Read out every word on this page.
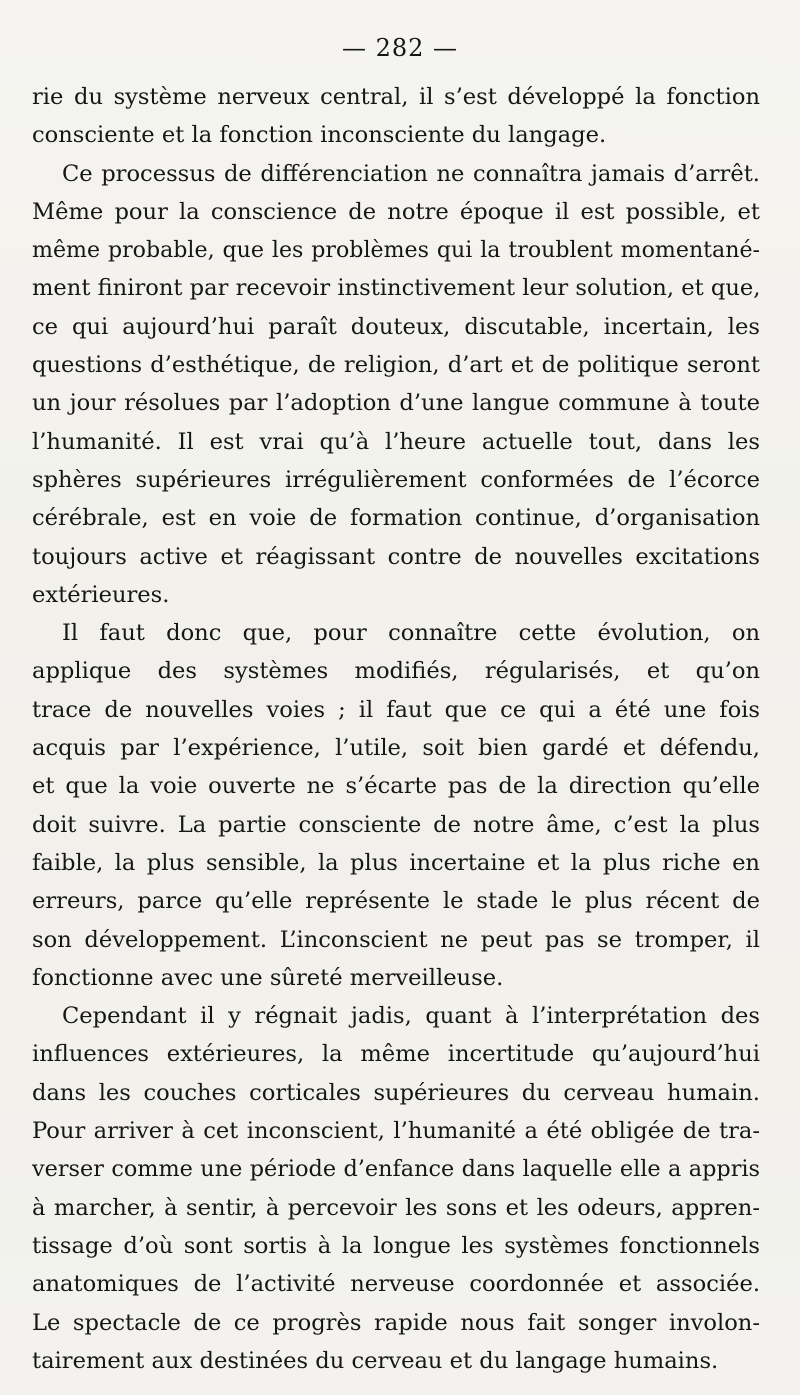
— 282 —
rie du système nerveux central, il s’est développé la fonction
consciente et la fonction inconsciente du langage.
Ce processus de différenciation ne connaîtra jamais d’arrêt.
Même pour la conscience de notre époque il est possible, et
même probable, que les problèmes qui la troublent momentané-
ment finiront par recevoir instinctivement leur solution, et que,
ce qui aujourd’hui paraît douteux, discutable, incertain, les
questions d’esthétique, de religion, d’art et de politique seront
un jour résolues par l’adoption d’une langue commune à toute
l’humanité. Il est vrai qu’à l’heure actuelle tout, dans les
sphères supérieures irrégulièrement conformées de l’écorce
cérébrale, est en voie de formation continue, d’organisation
toujours active et réagissant contre de nouvelles excitations
extérieures.
Il faut donc que, pour connaître cette évolution, on
applique des systèmes modifiés, régularisés, et qu’on
trace de nouvelles voies ; il faut que ce qui a été une fois
acquis par l’expérience, l’utile, soit bien gardé et défendu,
et que la voie ouverte ne s’écarte pas de la direction qu’elle
doit suivre. La partie consciente de notre âme, c’est la plus
faible, la plus sensible, la plus incertaine et la plus riche en
erreurs, parce qu’elle représente le stade le plus récent de
son développement. L’inconscient ne peut pas se tromper, il
fonctionne avec une sûreté merveilleuse.
Cependant il y régnait jadis, quant à l’interprétation des
influences extérieures, la même incertitude qu’aujourd’hui
dans les couches corticales supérieures du cerveau humain.
Pour arriver à cet inconscient, l’humanité a été obligée de tra-
verser comme une période d’enfance dans laquelle elle a appris
à marcher, à sentir, à percevoir les sons et les odeurs, appren-
tissage d’où sont sortis à la longue les systèmes fonctionnels
anatomiques de l’activité nerveuse coordonnée et associée.
Le spectacle de ce progrès rapide nous fait songer involon-
tairement aux destinées du cerveau et du langage humains.
